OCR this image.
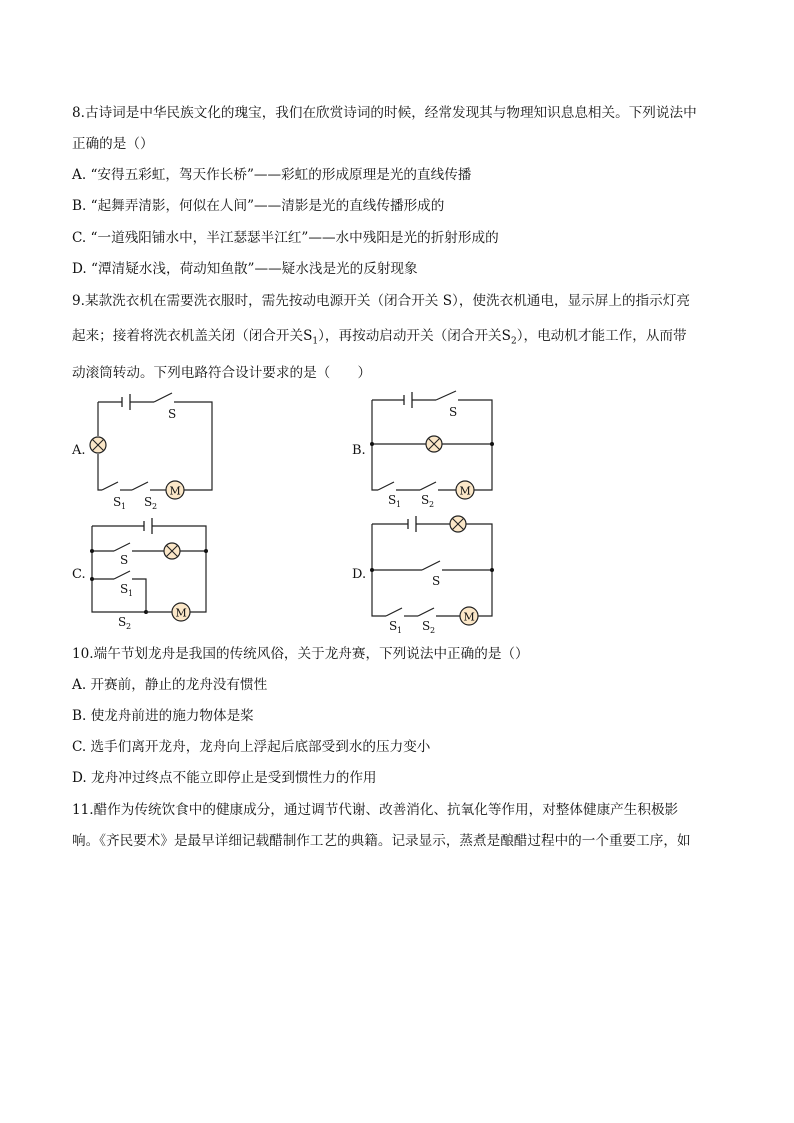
8.古诗词是中华民族文化的瑰宝，我们在欣赏诗词的时候，经常发现其与物理知识息息相关。下列说法中
正确的是（）
A. “安得五彩虹，驾天作长桥”——彩虹的形成原理是光的直线传播
B. “起舞弄清影，何似在人间”——清影是光的直线传播形成的
C. “一道残阳铺水中，半江瑟瑟半江红”——水中残阳是光的折射形成的
D. “潭清疑水浅，荷动知鱼散”——疑水浅是光的反射现象
9.某款洗衣机在需要洗衣服时，需先按动电源开关（闭合开关 S），使洗衣机通电，显示屏上的指示灯亮
起来；接着将洗衣机盖关闭（闭合开关$S_1$），再按动启动开关（闭合开关$S_2$），电动机才能工作，从而带
动滚筒转动。下列电路符合设计要求的是（　　）
A.
S
M
S 1 S 2
B.
S
M
S 1 S 2
C.
S
S 1
S 2
M
D.	S
M
S 1 S 2
10.端午节划龙舟是我国的传统风俗，关于龙舟赛，下列说法中正确的是（）
A. 开赛前，静止的龙舟没有惯性
B. 使龙舟前进的施力物体是桨
C. 选手们离开龙舟，龙舟向上浮起后底部受到水的压力变小
D. 龙舟冲过终点不能立即停止是受到惯性力的作用
11.醋作为传统饮食中的健康成分，通过调节代谢、改善消化、抗氧化等作用，对整体健康产生积极影
响。《齐民要术》是最早详细记载醋制作工艺的典籍。记录显示，蒸煮是酿醋过程中的一个重要工序，如
